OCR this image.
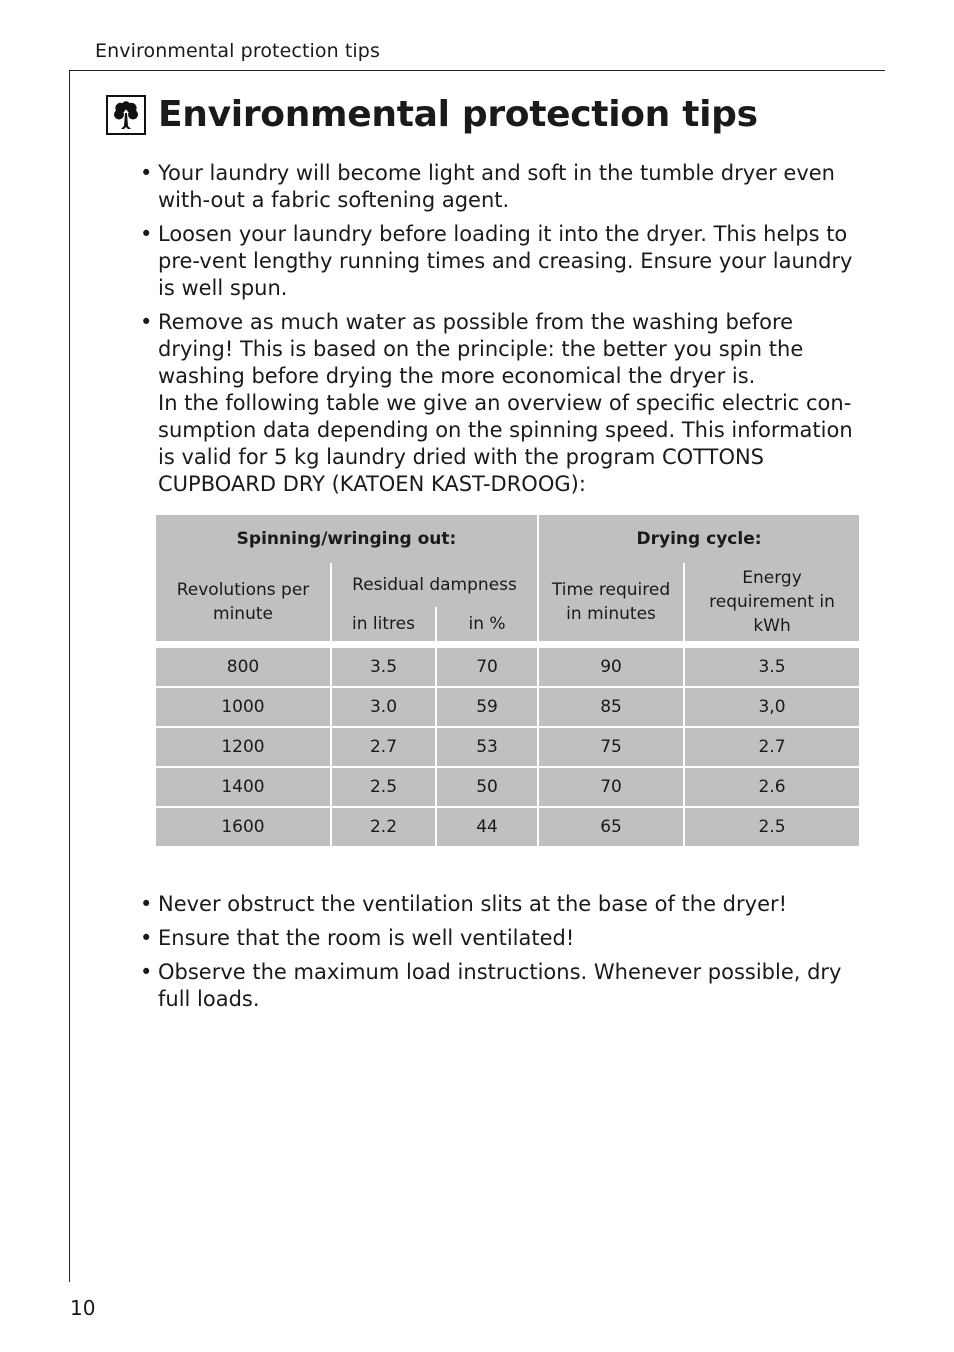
Environmental protection tips
Environmental protection tips
• Your laundry will become light and soft in the tumble dryer even with-out a fabric softening agent.
• Loosen your laundry before loading it into the dryer. This helps to pre-vent lengthy running times and creasing. Ensure your laundry is well spun.
• Remove as much water as possible from the washing before drying! This is based on the principle: the better you spin the washing before drying the more economical the dryer is.
In the following table we give an overview of specific electric con-sumption data depending on the spinning speed. This information is valid for 5 kg laundry dried with the program COTTONS CUPBOARD DRY (KATOEN KAST-DROOG):
Spinning/wringing out:			Drying cycle:	
Revolutions per minute	Residual dampness		Time required in minutes	Energy requirement in kWh
	in litres	in %		

800	3.5	70	90	3.5
1000	3.0	59	85	3,0
1200	2.7	53	75	2.7
1400	2.5	50	70	2.6
1600	2.2	44	65	2.5
• Never obstruct the ventilation slits at the base of the dryer!
• Ensure that the room is well ventilated!
• Observe the maximum load instructions. Whenever possible, dry full loads.
10
